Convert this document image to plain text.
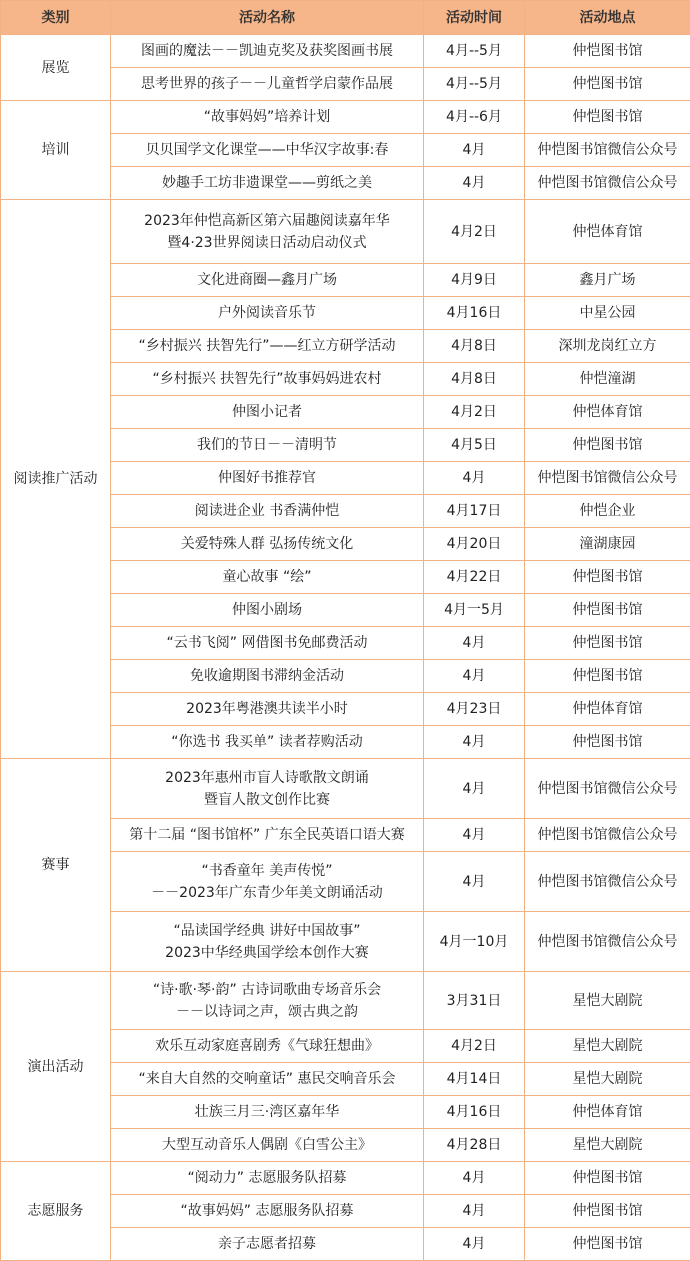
类别	活动名称	活动时间	活动地点
展览	图画的魔法－－凯迪克奖及获奖图画书展	4月--5月	仲恺图书馆

	思考世界的孩子－－儿童哲学启蒙作品展	4月--5月	仲恺图书馆
培训	“故事妈妈”培养计划	4月--6月	仲恺图书馆

	贝贝国学文化课堂——中华汉字故事:春	4月	仲恺图书馆微信公众号

	妙趣手工坊非遗课堂——剪纸之美	4月	仲恺图书馆微信公众号
阅读推广活动	2023年仲恺高新区第六届趣阅读嘉年华
暨4·23世界阅读日活动启动仪式	4月2日	仲恺体育馆

	文化进商圈—鑫月广场	4月9日	鑫月广场

	户外阅读音乐节	4月16日	中星公园

	“乡村振兴 扶智先行”——红立方研学活动	4月8日	深圳龙岗红立方

	“乡村振兴 扶智先行”故事妈妈进农村	4月8日	仲恺潼湖

	仲图小记者	4月2日	仲恺体育馆

	我们的节日－－清明节	4月5日	仲恺图书馆

	仲图好书推荐官	4月	仲恺图书馆微信公众号

	阅读进企业 书香满仲恺	4月17日	仲恺企业

	关爱特殊人群 弘扬传统文化	4月20日	潼湖康园

	童心故事 “绘”	4月22日	仲恺图书馆

	仲图小剧场	4月一5月	仲恺图书馆

	“云书飞阅” 网借图书免邮费活动	4月	仲恺图书馆

	免收逾期图书滞纳金活动	4月	仲恺图书馆

	2023年粤港澳共读半小时	4月23日	仲恺体育馆

	“你选书 我买单” 读者荐购活动	4月	仲恺图书馆
赛事	2023年惠州市盲人诗歌散文朗诵
暨盲人散文创作比赛	4月	仲恺图书馆微信公众号

	第十二届 “图书馆杯” 广东全民英语口语大赛	4月	仲恺图书馆微信公众号

	“书香童年 美声传悦”
－－2023年广东青少年美文朗诵活动	4月	仲恺图书馆微信公众号

	“品读国学经典 讲好中国故事”
2023中华经典国学绘本创作大赛	4月一10月	仲恺图书馆微信公众号
演出活动	“诗·歌·琴·韵” 古诗词歌曲专场音乐会
－－以诗词之声，颂古典之韵	3月31日	星恺大剧院

	欢乐互动家庭喜剧秀《气球狂想曲》	4月2日	星恺大剧院

	“来自大自然的交响童话” 惠民交响音乐会	4月14日	星恺大剧院

	壮族三月三·湾区嘉年华	4月16日	仲恺体育馆

	大型互动音乐人偶剧《白雪公主》	4月28日	星恺大剧院
志愿服务	“阅动力” 志愿服务队招募	4月	仲恺图书馆

	“故事妈妈” 志愿服务队招募	4月	仲恺图书馆

	亲子志愿者招募	4月	仲恺图书馆
